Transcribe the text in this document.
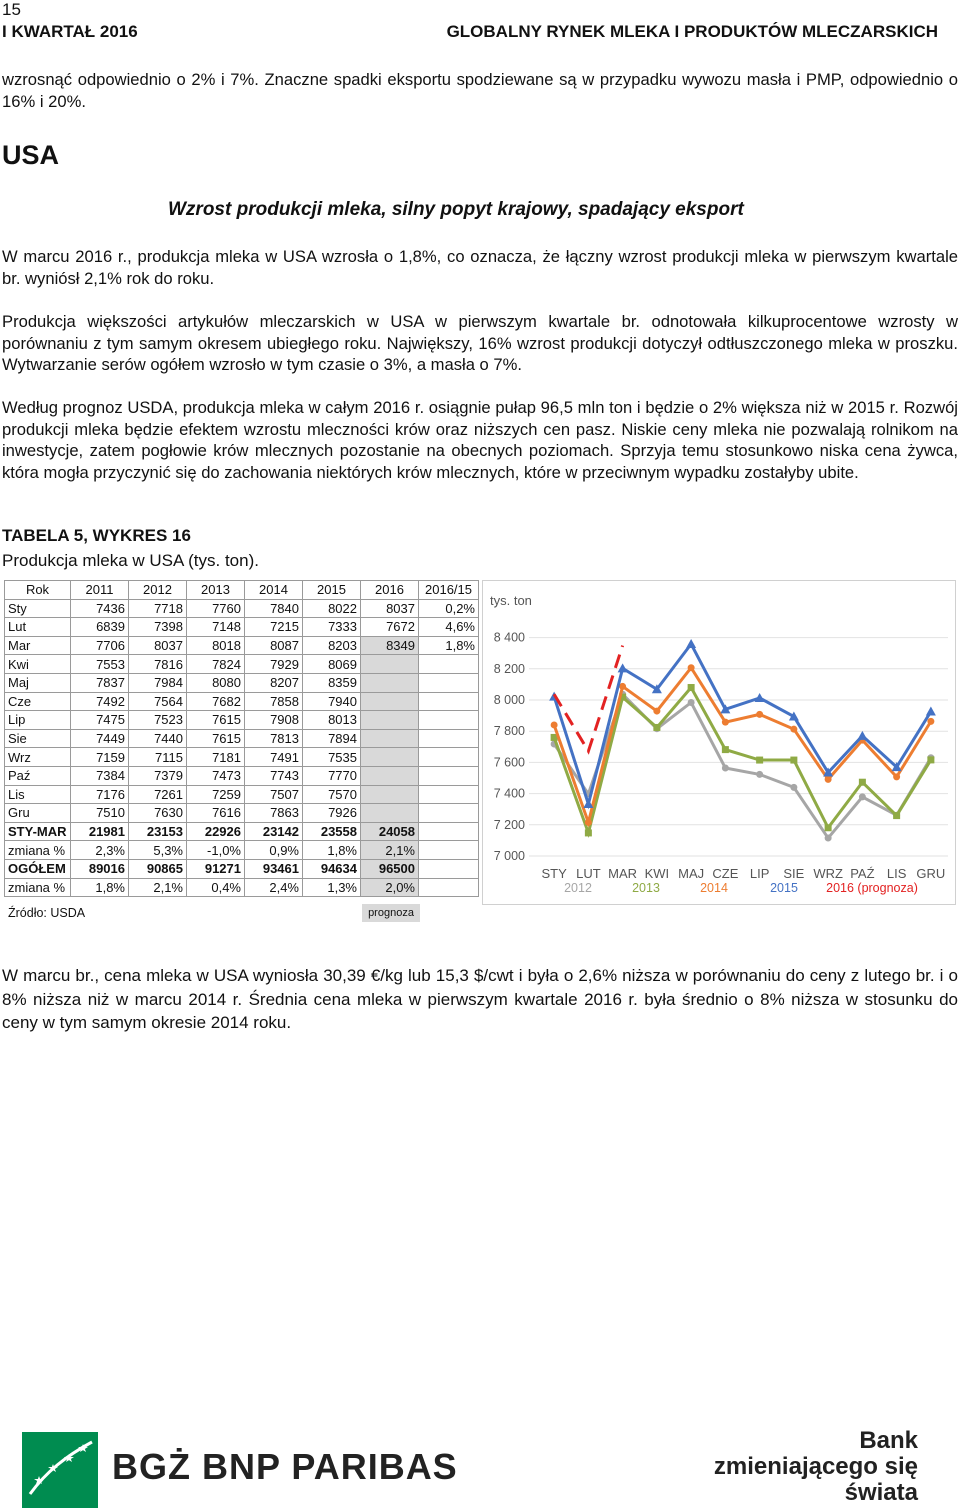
15
I KWARTAŁ 2016	GLOBALNY RYNEK MLEKA I PRODUKTÓW MLECZARSKICH
wzrosnąć odpowiednio o 2% i 7%. Znaczne spadki eksportu spodziewane są w przypadku wywozu masła i PMP, odpowiednio o 16% i 20%.
USA
Wzrost produkcji mleka, silny popyt krajowy, spadający eksport
W marcu 2016 r., produkcja mleka w USA wzrosła o 1,8%, co oznacza, że łączny wzrost produkcji mleka w pierwszym kwartale br. wyniósł 2,1% rok do roku.
Produkcja większości artykułów mleczarskich w USA w pierwszym kwartale br. odnotowała kilkuprocentowe wzrosty w porównaniu z tym samym okresem ubiegłego roku. Największy, 16% wzrost produkcji dotyczył odtłuszczonego mleka w proszku. Wytwarzanie serów ogółem wzrosło w tym czasie o 3%, a masła o 7%.
Według prognoz USDA, produkcja mleka w całym 2016 r. osiągnie pułap 96,5 mln ton i będzie o 2% większa niż w 2015 r. Rozwój produkcji mleka będzie efektem wzrostu mleczności krów oraz niższych cen pasz. Niskie ceny mleka nie pozwalają rolnikom na inwestycje, zatem pogłowie krów mlecznych pozostanie na obecnych poziomach. Sprzyja temu stosunkowo niska cena żywca, która mogła przyczynić się do zachowania niektórych krów mlecznych, które w przeciwnym wypadku zostałyby ubite.
TABELA 5, WYKRES 16
Produkcja mleka w USA (tys. ton).
Rok	2011	2012	2013	2014	2015	2016	2016/15
Sty	7436	7718	7760	7840	8022	8037	0,2%
Lut	6839	7398	7148	7215	7333	7672	4,6%
Mar	7706	8037	8018	8087	8203	8349	1,8%
Kwi	7553	7816	7824	7929	8069		
Maj	7837	7984	8080	8207	8359		
Cze	7492	7564	7682	7858	7940		
Lip	7475	7523	7615	7908	8013		
Sie	7449	7440	7615	7813	7894		
Wrz	7159	7115	7181	7491	7535		
Paź	7384	7379	7473	7743	7770		
Lis	7176	7261	7259	7507	7570		
Gru	7510	7630	7616	7863	7926		
STY-MAR	21981	23153	22926	23142	23558	24058	
zmiana %	2,3%	5,3%	-1,0%	0,9%	1,8%	2,1%	
OGÓŁEM	89016	90865	91271	93461	94634	96500	
zmiana %	1,8%	2,1%	0,4%	2,4%	1,3%	2,0%	
Źródło: USDA	prognoza
tys. ton
7 000
7 200
7 400
7 600
7 800
8 000
8 200
8 400
STY LUT MAR KWI MAJ CZE LIP SIE WRZ PAŹ LIS GRU
2012	2013	2014	2015 2016 (prognoza)
W marcu br., cena mleka w USA wyniosła 30,39 €/kg lub 15,3 $/cwt i była o 2,6% niższa w porównaniu do ceny z lutego br. i o 8% niższa niż w marcu 2014 r. Średnia cena mleka w pierwszym kwartale 2016 r. była średnio o 8% niższa w stosunku do ceny w tym samym okresie 2014 roku.
BGŻ BNP PARIBAS
Bank
zmieniającego się
świata
